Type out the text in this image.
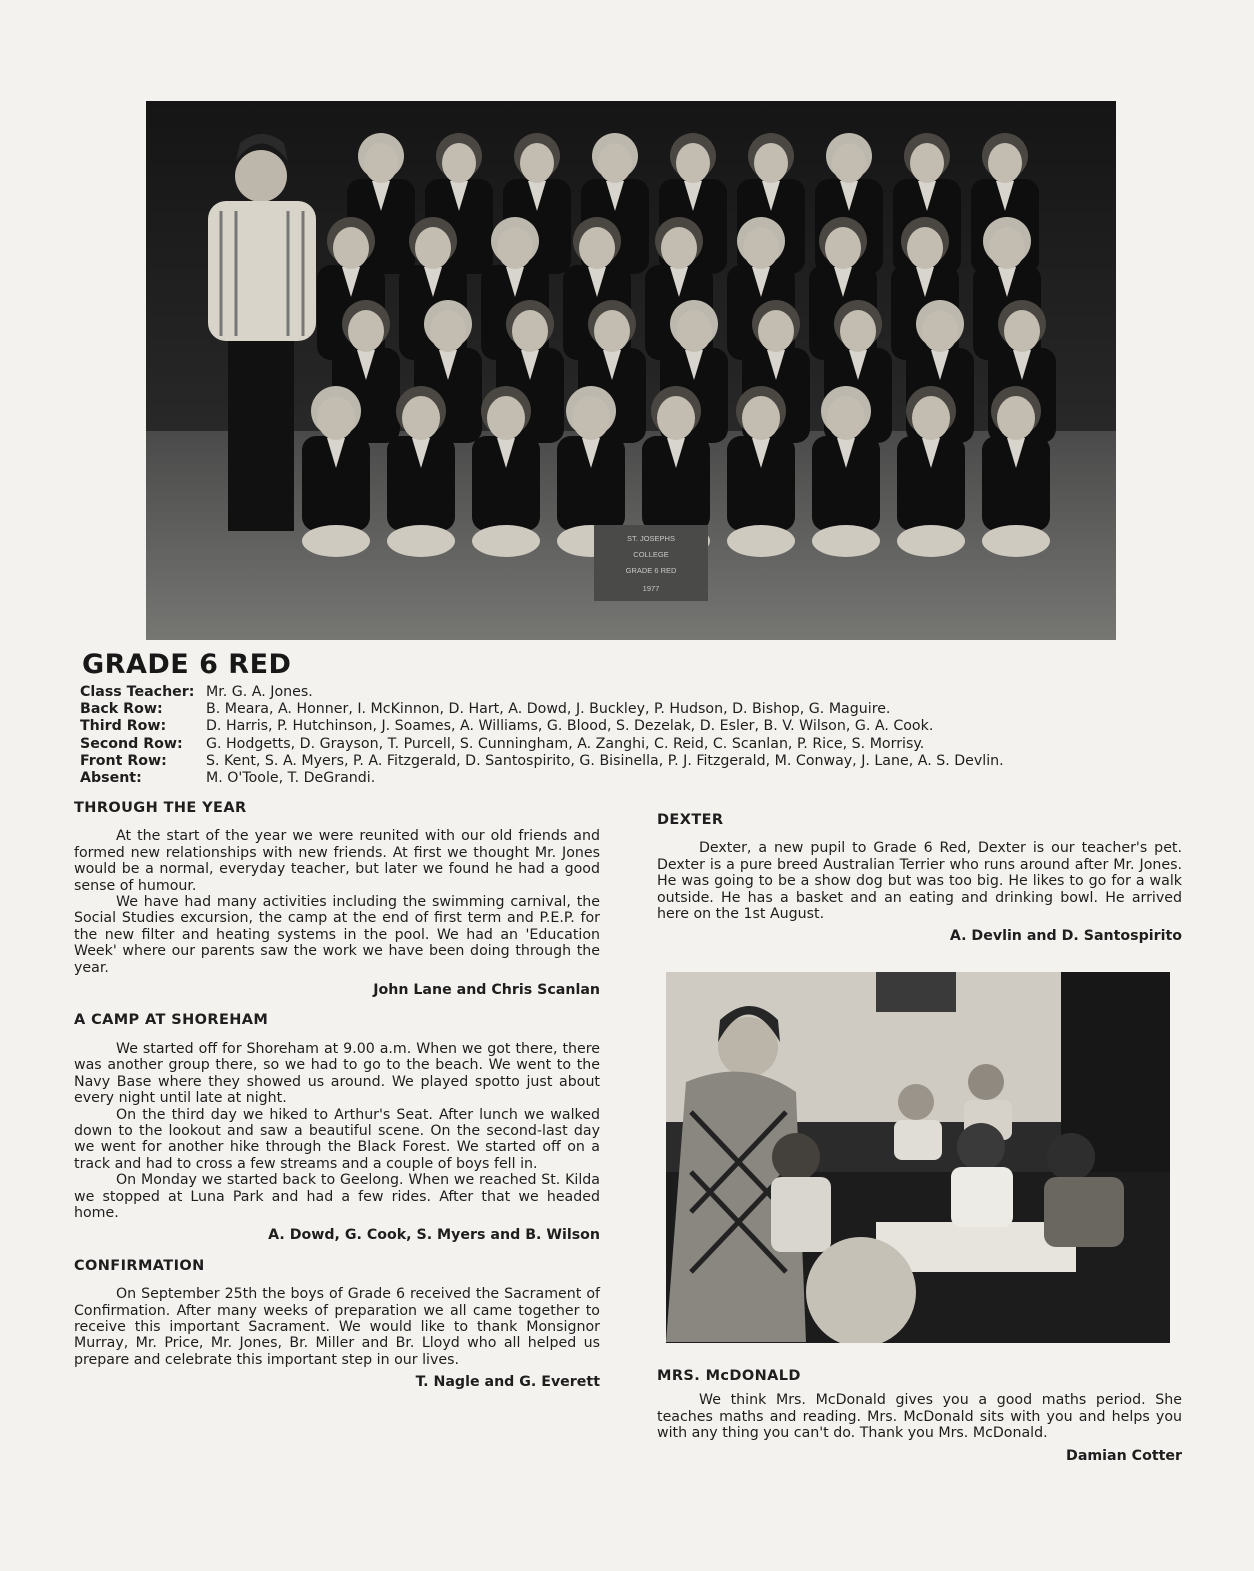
ST. JOSEPHS
COLLEGE
GRADE 6 RED
1977
GRADE 6 RED
Class Teacher: Mr. G. A. Jones.
Back Row:	B. Meara, A. Honner, I. McKinnon, D. Hart, A. Dowd, J. Buckley, P. Hudson, D. Bishop, G. Maguire.
Third Row:	D. Harris, P. Hutchinson, J. Soames, A. Williams, G. Blood, S. Dezelak, D. Esler, B. V. Wilson, G. A. Cook.
Second Row:	G. Hodgetts, D. Grayson, T. Purcell, S. Cunningham, A. Zanghi, C. Reid, C. Scanlan, P. Rice, S. Morrisy.
Front Row:	S. Kent, S. A. Myers, P. A. Fitzgerald, D. Santospirito, G. Bisinella, P. J. Fitzgerald, M. Conway, J. Lane, A. S. Devlin.
Absent:	M. O'Toole, T. DeGrandi.
THROUGH THE YEAR

At the start of the year we were reunited with our old friends and formed new relationships with new friends. At first we thought Mr. Jones would be a normal, everyday teacher, but later we found he had a good sense of humour.

We have had many activities including the swimming carnival, the Social Studies excursion, the camp at the end of first term and P.E.P. for the new filter and heating systems in the pool. We had an 'Education Week' where our parents saw the work we have been doing through the year.

John Lane and Chris Scanlan
A CAMP AT SHOREHAM

We started off for Shoreham at 9.00 a.m. When we got there, there was another group there, so we had to go to the beach. We went to the Navy Base where they showed us around. We played spotto just about every night until late at night.

On the third day we hiked to Arthur's Seat. After lunch we walked down to the lookout and saw a beautiful scene. On the second-last day we went for another hike through the Black Forest. We started off on a track and had to cross a few streams and a couple of boys fell in.

On Monday we started back to Geelong. When we reached St. Kilda we stopped at Luna Park and had a few rides. After that we headed home.

A. Dowd, G. Cook, S. Myers and B. Wilson
CONFIRMATION

On September 25th the boys of Grade 6 received the Sacrament of Confirmation. After many weeks of preparation we all came together to receive this important Sacrament. We would like to thank Monsignor Murray, Mr. Price, Mr. Jones, Br. Miller and Br. Lloyd who all helped us prepare and celebrate this important step in our lives.

T. Nagle and G. Everett
DEXTER

Dexter, a new pupil to Grade 6 Red, Dexter is our teacher's pet. Dexter is a pure breed Australian Terrier who runs around after Mr. Jones. He was going to be a show dog but was too big. He likes to go for a walk outside. He has a basket and an eating and drinking bowl. He arrived here on the 1st August.

A. Devlin and D. Santospirito
MRS. McDONALD

We think Mrs. McDonald gives you a good maths period. She teaches maths and reading. Mrs. McDonald sits with you and helps you with any thing you can't do. Thank you Mrs. McDonald.

Damian Cotter
